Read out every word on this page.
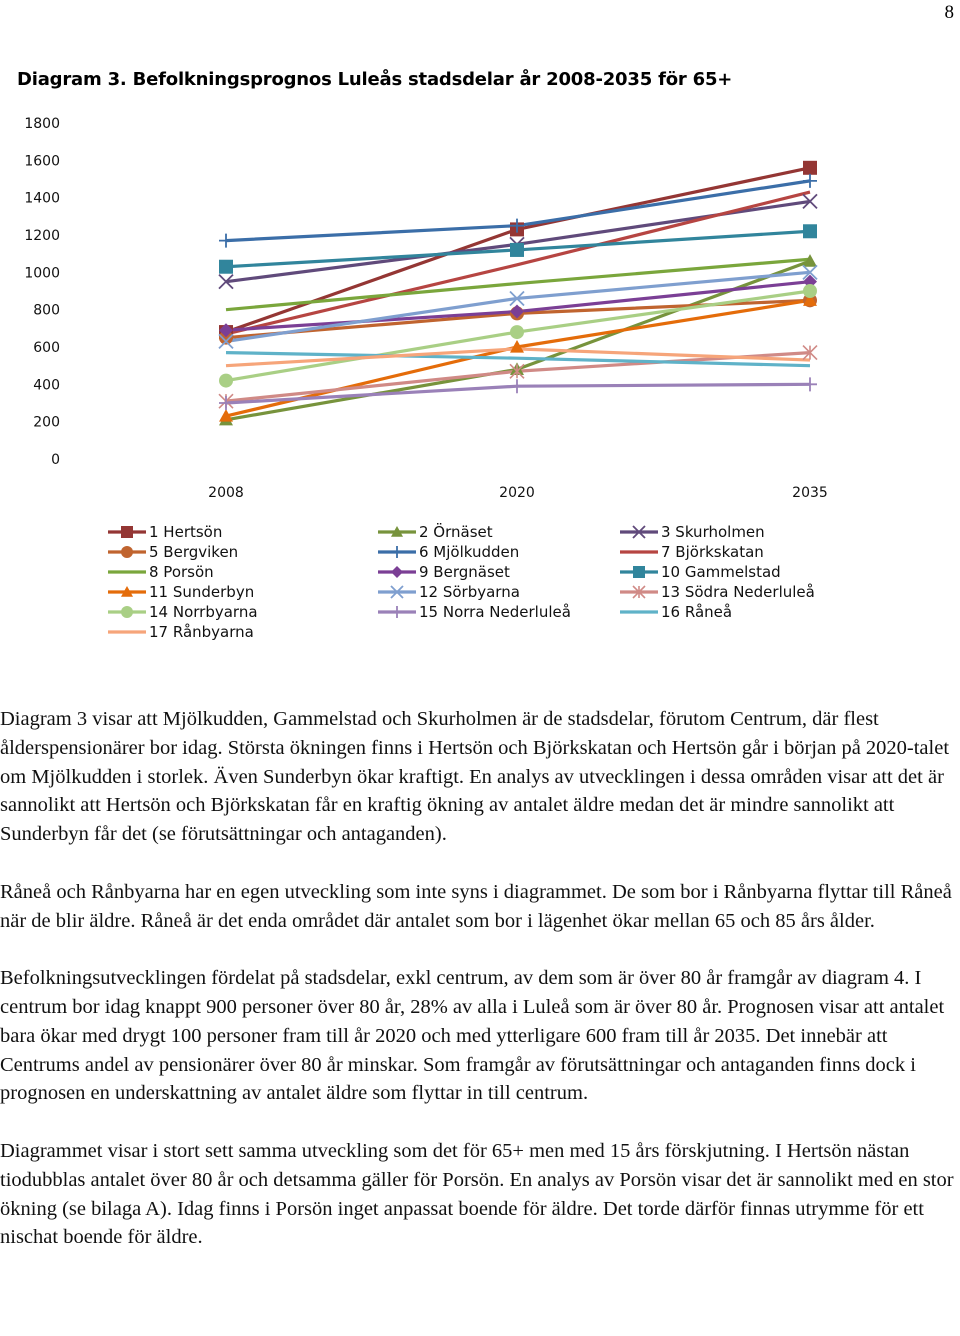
8
Diagram 3. Befolkningsprognos Luleås stadsdelar år 2008-2035 för 65+
0
200
400
600
800
1000
1200
1400
1600
1800
2008	2020	2035
1 Hertsön	2 Örnäset	3 Skurholmen
5 Bergviken	6 Mjölkudden	7 Björkskatan
8 Porsön	9 Bergnäset	10 Gammelstad
11 Sunderbyn	12 Sörbyarna	13 Södra Nederluleå
14 Norrbyarna	15 Norra Nederluleå	16 Råneå
17 Rånbyarna

Diagram 3 visar att Mjölkudden, Gammelstad och Skurholmen är de stadsdelar, förutom Centrum, där flest ålderspensionärer bor idag. Största ökningen finns i Hertsön och Björkskatan och Hertsön går i början på 2020-talet om Mjölkudden i storlek. Även Sunderbyn ökar kraftigt. En analys av utvecklingen i dessa områden visar att det är sannolikt att Hertsön och Björkskatan får en kraftig ökning av antalet äldre medan det är mindre sannolikt att Sunderbyn får det (se förutsättningar och antaganden).

Råneå och Rånbyarna har en egen utveckling som inte syns i diagrammet. De som bor i Rånbyarna flyttar till Råneå när de blir äldre. Råneå är det enda området där antalet som bor i lägenhet ökar mellan 65 och 85 års ålder.

Befolkningsutvecklingen fördelat på stadsdelar, exkl centrum, av dem som är över 80 år framgår av diagram 4. I centrum bor idag knappt 900 personer över 80 år, 28% av alla i Luleå som är över 80 år. Prognosen visar att antalet bara ökar med drygt 100 personer fram till år 2020 och med ytterligare 600 fram till år 2035. Det innebär att Centrums andel av pensionärer över 80 år minskar. Som framgår av förutsättningar och antaganden finns dock i prognosen en underskattning av antalet äldre som flyttar in till centrum.

Diagrammet visar i stort sett samma utveckling som det för 65+ men med 15 års förskjutning. I Hertsön nästan tiodubblas antalet över 80 år och detsamma gäller för Porsön. En analys av Porsön visar det är sannolikt med en stor ökning (se bilaga A). Idag finns i Porsön inget anpassat boende för äldre. Det torde därför finnas utrymme för ett nischat boende för äldre.
